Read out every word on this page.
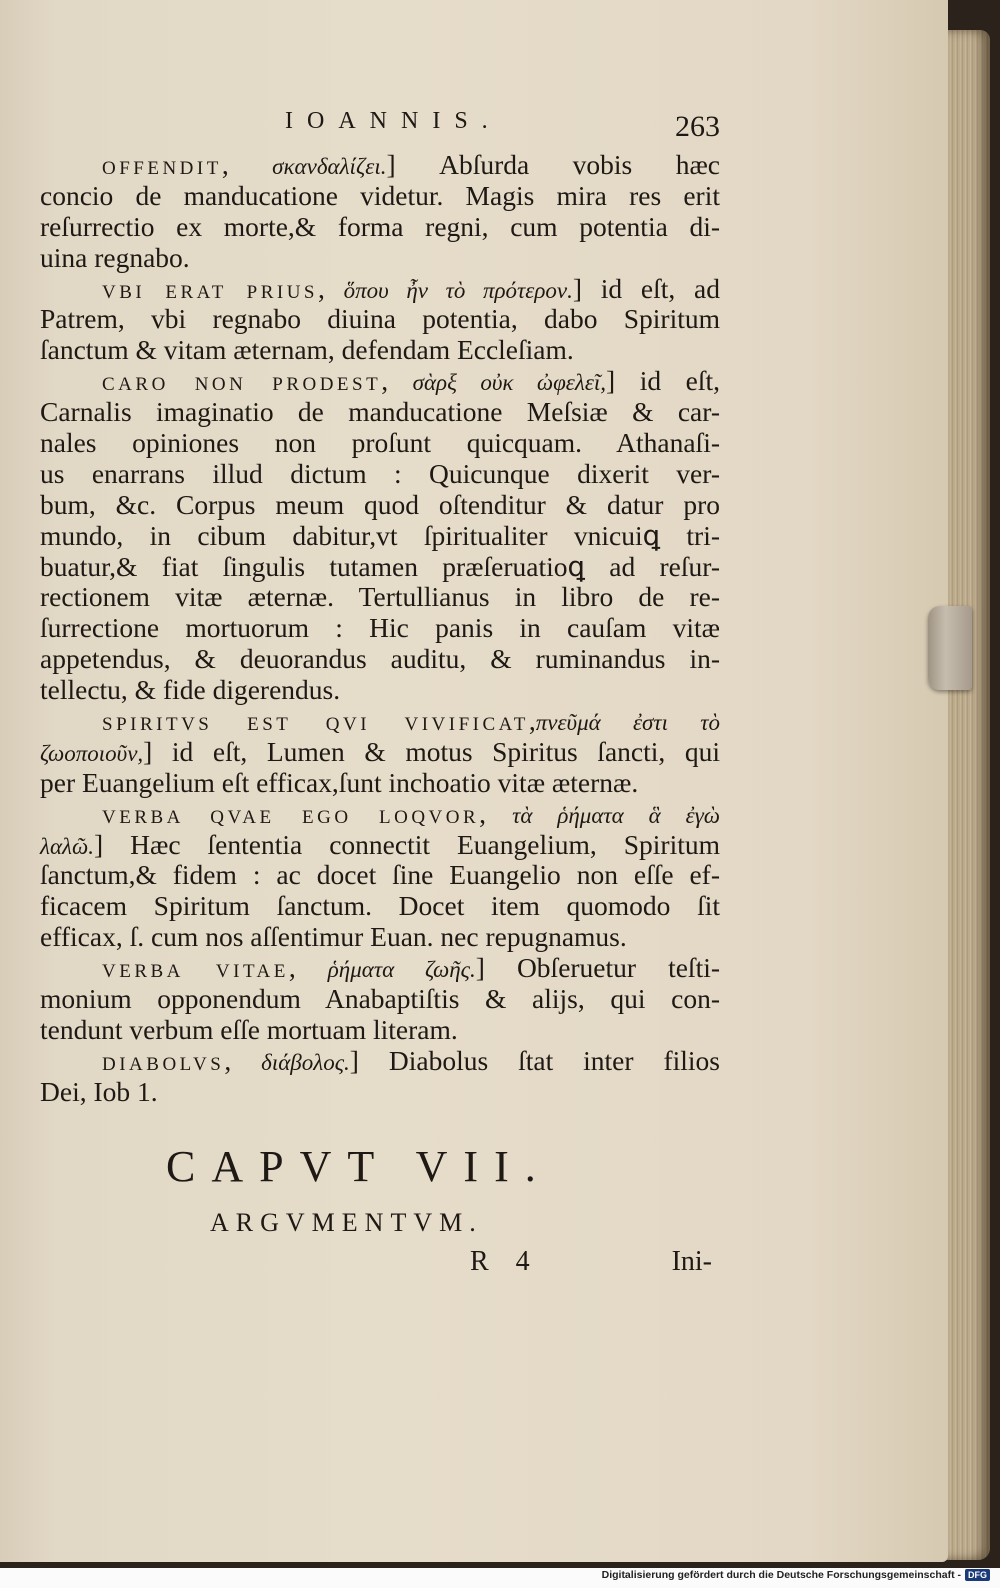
IOANNIS.	263
OFFENDIT, σκανδαλίζει.] Abſurda vobis hæc
concio de manducatione videtur. Magis mira res erit
reſurrectio ex morte,& forma regni, cum potentia di-
uina regnabo.
VBI ERAT PRIUS, ὅπου ἦν τὸ πρότερον.] id eſt, ad
Patrem, vbi regnabo diuina potentia, dabo Spiritum
ſanctum & vitam æternam, defendam Eccleſiam.
CARO NON PRODEST, σὰρξ οὐκ ὠφελεῖ,] id eſt,
Carnalis imaginatio de manducatione Meſsiæ & car-
nales opiniones non proſunt quicquam. Athanaſi-
us enarrans illud dictum : Quicunque dixerit ver-
bum, &c. Corpus meum quod oſtenditur & datur pro
mundo, in cibum dabitur,vt ſpiritualiter vnicuiꝗ tri-
buatur,& fiat ſingulis tutamen præſeruatioꝗ ad reſur-
rectionem vitæ æternæ. Tertullianus in libro de re-
ſurrectione mortuorum : Hic panis in cauſam vitæ
appetendus, & deuorandus auditu, & ruminandus in-
tellectu, & fide digerendus.
SPIRITVS EST QVI VIVIFICAT,πνεῦμά ἐστι τὸ
ζωοποιοῦν,] id eſt, Lumen & motus Spiritus ſancti, qui
per Euangelium eſt efficax,ſunt inchoatio vitæ æternæ.
VERBA QVAE EGO LOQVOR, τὰ ῥήματα ἃ ἐγὼ
λαλῶ.] Hæc ſententia connectit Euangelium, Spiritum
ſanctum,& fidem : ac docet ſine Euangelio non eſſe ef-
ficacem Spiritum ſanctum. Docet item quomodo ſit
efficax, ſ. cum nos aſſentimur Euan. nec repugnamus.
VERBA VITAE, ῥήματα ζωῆς.] Obſeruetur teſti-
monium opponendum Anabaptiſtis & alijs, qui con-
tendunt verbum eſſe mortuam literam.
DIABOLVS, διάβολος.] Diabolus ſtat inter filios
Dei, Iob 1.
CAPVT VII.
ARGVMENTVM.
R 4	Ini-
Digitalisierung gefördert durch die Deutsche Forschungsgemeinschaft - DFG
